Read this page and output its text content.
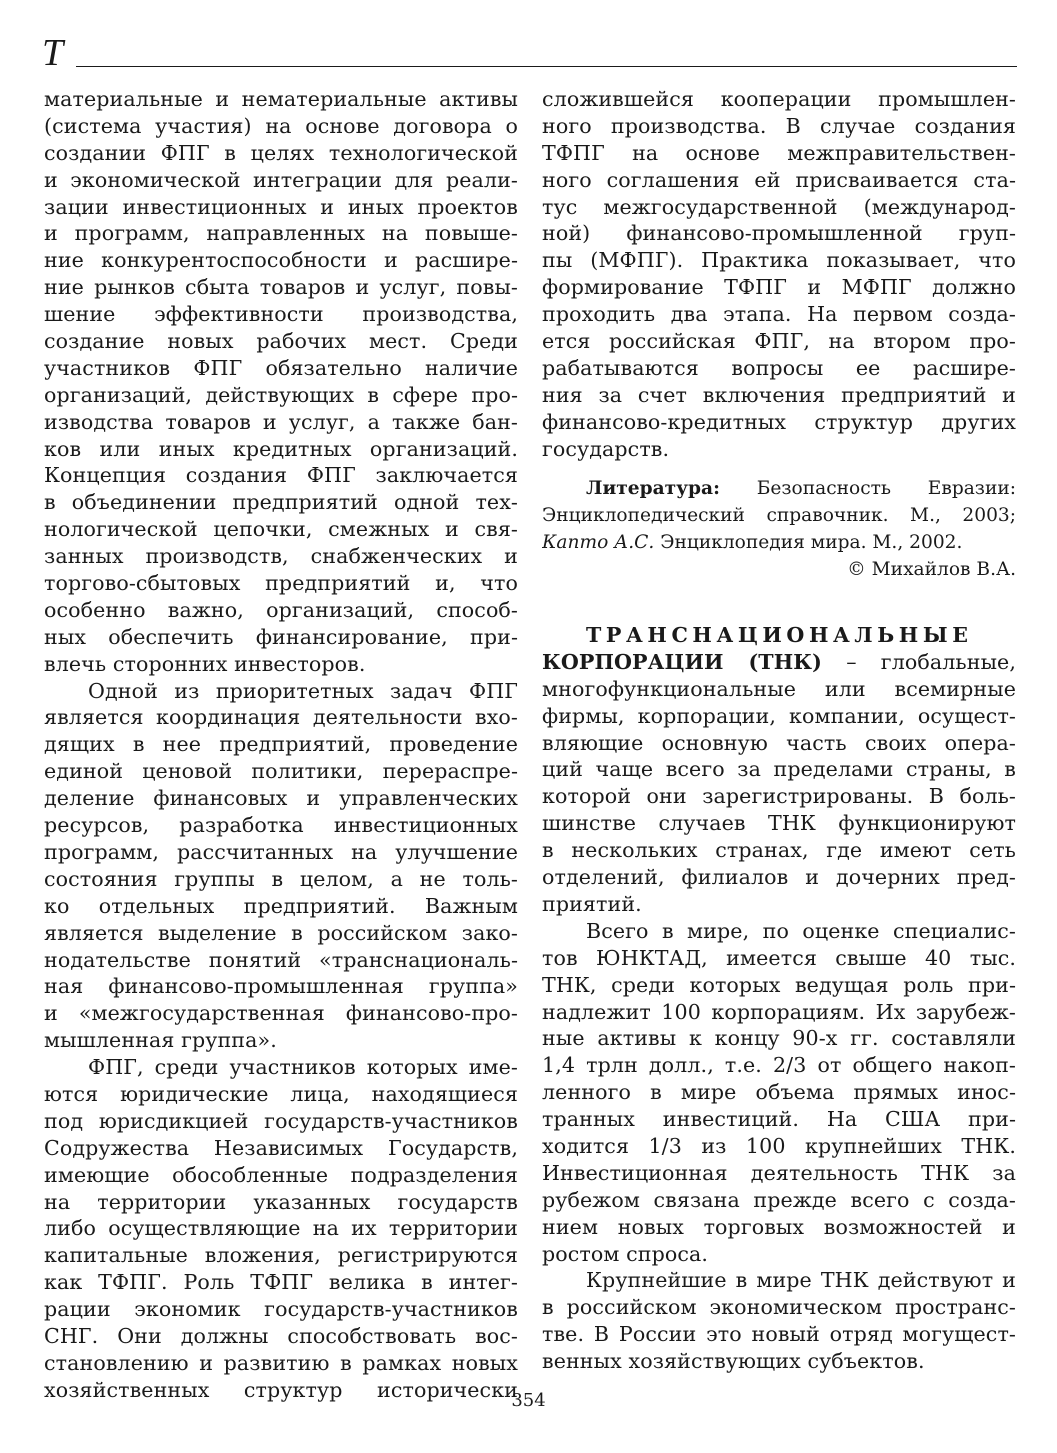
Т
материальные и нематериальные активы
(система участия) на основе договора о
создании ФПГ в целях технологической
и экономической интеграции для реали-
зации инвестиционных и иных проектов
и программ, направленных на повыше-
ние конкурентоспособности и расшире-
ние рынков сбыта товаров и услуг, повы-
шение эффективности производства,
создание новых рабочих мест. Среди
участников ФПГ обязательно наличие
организаций, действующих в сфере про-
изводства товаров и услуг, а также бан-
ков или иных кредитных организаций.
Концепция создания ФПГ заключается
в объединении предприятий одной тех-
нологической цепочки, смежных и свя-
занных производств, снабженческих и
торгово-сбытовых предприятий и, что
особенно важно, организаций, способ-
ных обеспечить финансирование, при-
влечь сторонних инвесторов.
Одной из приоритетных задач ФПГ
является координация деятельности вхо-
дящих в нее предприятий, проведение
единой ценовой политики, перераспре-
деление финансовых и управленческих
ресурсов, разработка инвестиционных
программ, рассчитанных на улучшение
состояния группы в целом, а не толь-
ко отдельных предприятий. Важным
является выделение в российском зако-
нодательстве понятий «транснациональ-
ная финансово-промышленная группа»
и «межгосударственная финансово-про-
мышленная группа».
ФПГ, среди участников которых име-
ются юридические лица, находящиеся
под юрисдикцией государств-участников
Содружества Независимых Государств,
имеющие обособленные подразделения
на территории указанных государств
либо осуществляющие на их территории
капитальные вложения, регистрируются
как ТФПГ. Роль ТФПГ велика в интег-
рации экономик государств-участников
СНГ. Они должны способствовать вос-
становлению и развитию в рамках новых
хозяйственных структур исторически
сложившейся кооперации промышлен-
ного производства. В случае создания
ТФПГ на основе межправительствен-
ного соглашения ей присваивается ста-
тус межгосударственной (международ-
ной) финансово-промышленной груп-
пы (МФПГ). Практика показывает, что
формирование ТФПГ и МФПГ должно
проходить два этапа. На первом созда-
ется российская ФПГ, на втором про-
рабатываются вопросы ее расшире-
ния за счет включения предприятий и
финансово-кредитных структур других
государств.
Литература: Безопасность Евразии:
Энциклопедический справочник. М., 2003;
Капто А.С. Энциклопедия мира. М., 2002.
© Михайлов В.А.
ТРАНСНАЦИОНАЛЬНЫЕ
КОРПОРАЦИИ (ТНК) – глобальные,
многофункциональные или всемирные
фирмы, корпорации, компании, осущест-
вляющие основную часть своих опера-
ций чаще всего за пределами страны, в
которой они зарегистрированы. В боль-
шинстве случаев ТНК функционируют
в нескольких странах, где имеют сеть
отделений, филиалов и дочерних пред-
приятий.
Всего в мире, по оценке специалис-
тов ЮНКТАД, имеется свыше 40 тыс.
ТНК, среди которых ведущая роль при-
надлежит 100 корпорациям. Их зарубеж-
ные активы к концу 90-х гг. составляли
1,4 трлн долл., т.е. 2/3 от общего накоп-
ленного в мире объема прямых инос-
транных инвестиций. На США при-
ходится 1/3 из 100 крупнейших ТНК.
Инвестиционная деятельность ТНК за
рубежом связана прежде всего с созда-
нием новых торговых возможностей и
ростом спроса.
Крупнейшие в мире ТНК действуют и
в российском экономическом пространс-
тве. В России это новый отряд могущест-
венных хозяйствующих субъектов.
354
